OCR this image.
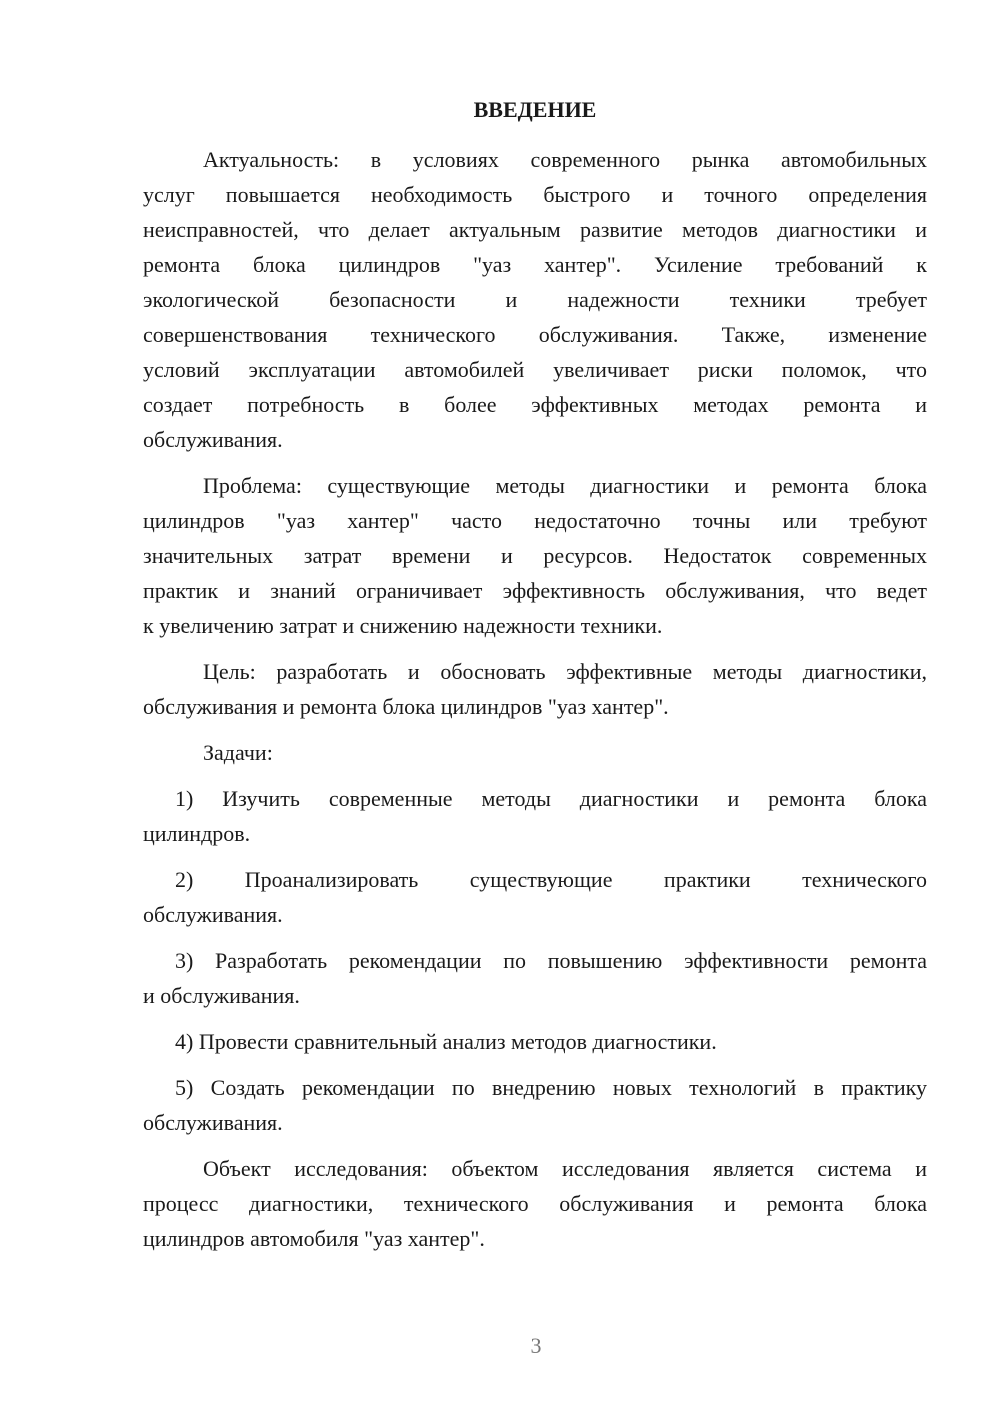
ВВЕДЕНИЕ
Актуальность: в условиях современного рынка автомобильных
услуг повышается необходимость быстрого и точного определения
неисправностей, что делает актуальным развитие методов диагностики и
ремонта блока цилиндров "уаз хантер". Усиление требований к
экологической безопасности и надежности техники требует
совершенствования технического обслуживания. Также, изменение
условий эксплуатации автомобилей увеличивает риски поломок, что
создает потребность в более эффективных методах ремонта и
обслуживания.
Проблема: существующие методы диагностики и ремонта блока
цилиндров "уаз хантер" часто недостаточно точны или требуют
значительных затрат времени и ресурсов. Недостаток современных
практик и знаний ограничивает эффективность обслуживания, что ведет
к увеличению затрат и снижению надежности техники.
Цель: разработать и обосновать эффективные методы диагностики,
обслуживания и ремонта блока цилиндров "уаз хантер".
Задачи:
1) Изучить современные методы диагностики и ремонта блока
цилиндров.
2) Проанализировать существующие практики технического
обслуживания.
3) Разработать рекомендации по повышению эффективности ремонта
и обслуживания.
4) Провести сравнительный анализ методов диагностики.
5) Создать рекомендации по внедрению новых технологий в практику
обслуживания.
Объект исследования: объектом исследования является система и
процесс диагностики, технического обслуживания и ремонта блока
цилиндров автомобиля "уаз хантер".
3
